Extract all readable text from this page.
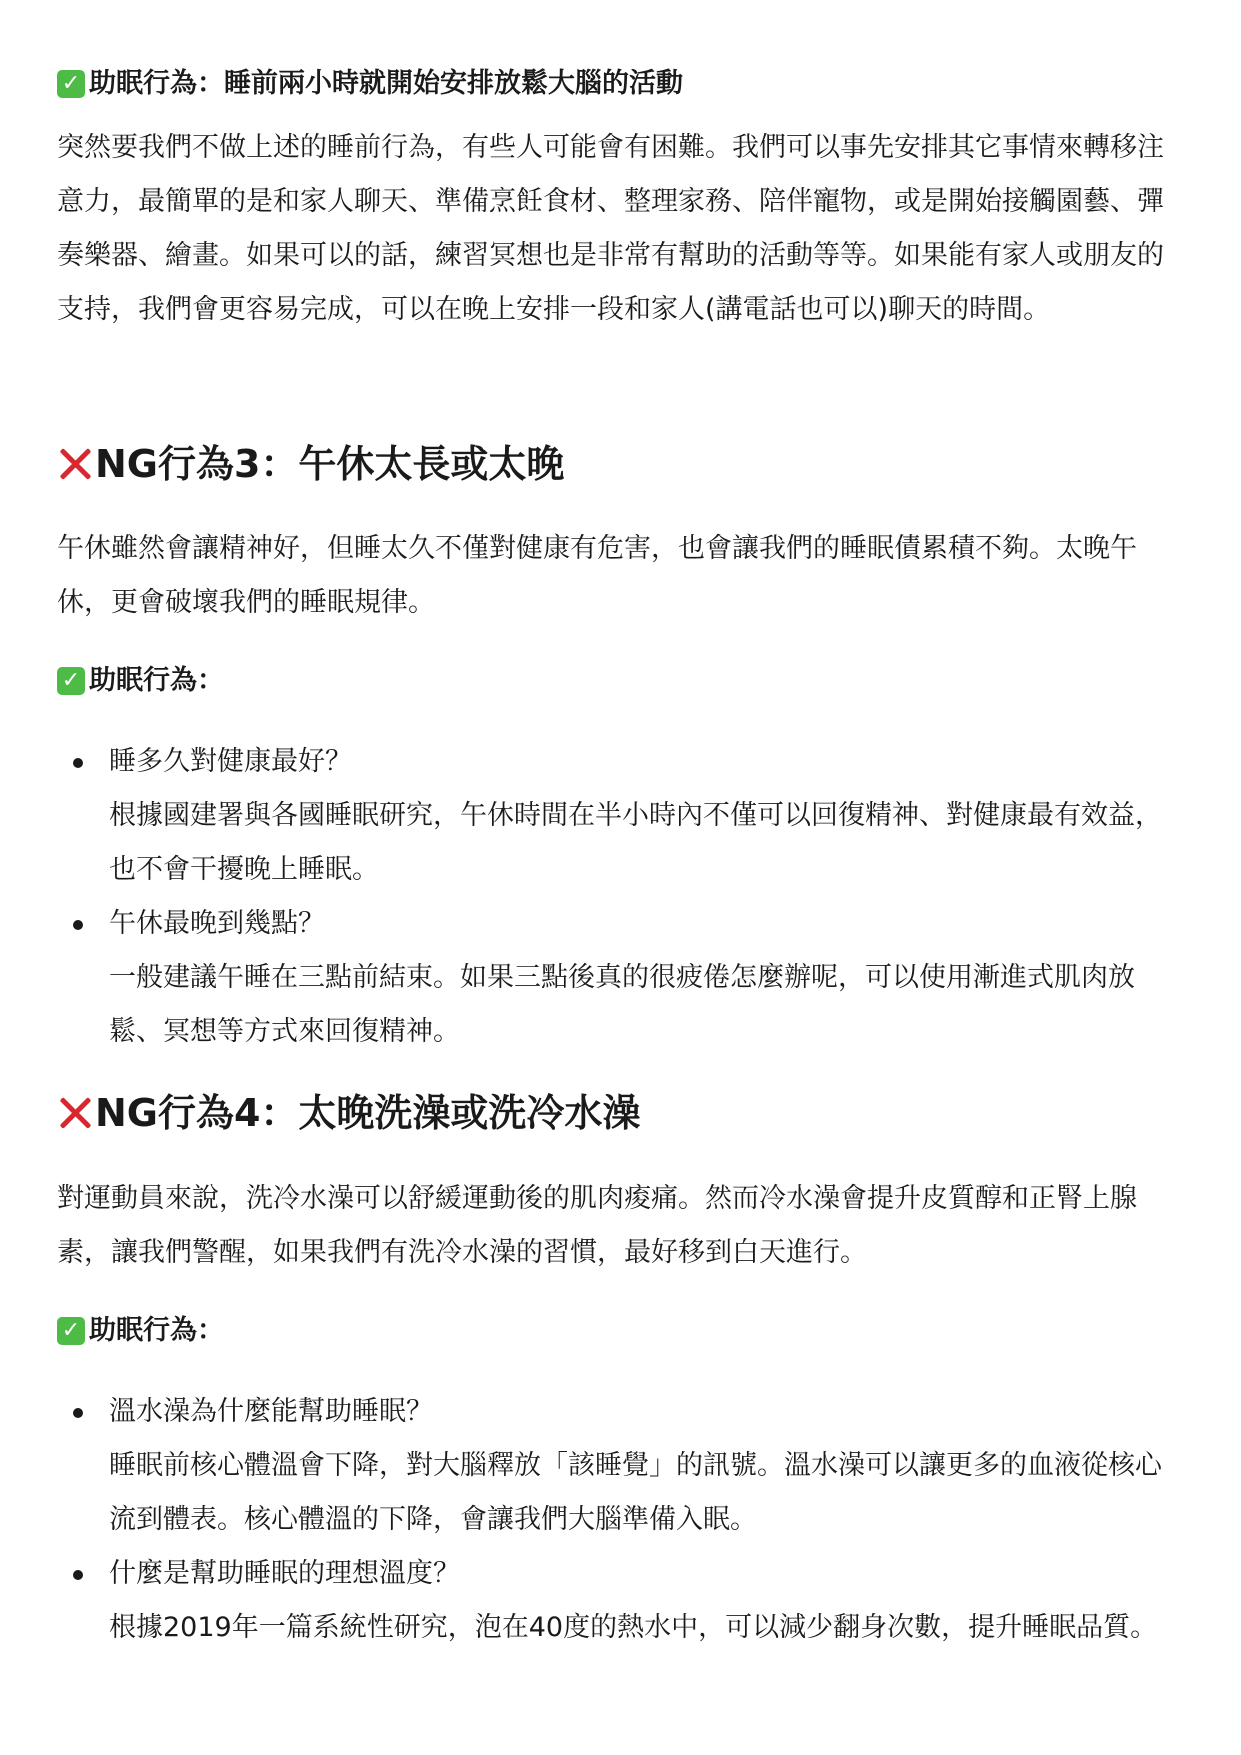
✓ 助眠行為：睡前兩小時就開始安排放鬆大腦的活動
突然要我們不做上述的睡前行為，有些人可能會有困難。我們可以事先安排其它事情來轉移注意力，最簡單的是和家人聊天、準備烹飪食材、整理家務、陪伴寵物，或是開始接觸園藝、彈奏樂器、繪畫。如果可以的話，練習冥想也是非常有幫助的活動等等。如果能有家人或朋友的支持，我們會更容易完成，可以在晚上安排一段和家人(講電話也可以)聊天的時間。
NG行為3：午休太長或太晚
午休雖然會讓精神好，但睡太久不僅對健康有危害，也會讓我們的睡眠債累積不夠。太晚午休，更會破壞我們的睡眠規律。
✓ 助眠行為：
睡多久對健康最好？
根據國建署與各國睡眠研究，午休時間在半小時內不僅可以回復精神、對健康最有效益，也不會干擾晚上睡眠。
午休最晚到幾點？
一般建議午睡在三點前結束。如果三點後真的很疲倦怎麼辦呢，可以使用漸進式肌肉放鬆、冥想等方式來回復精神。
NG行為4：太晚洗澡或洗冷水澡
對運動員來說，洗冷水澡可以舒緩運動後的肌肉痠痛。然而冷水澡會提升皮質醇和正腎上腺素，讓我們警醒，如果我們有洗冷水澡的習慣，最好移到白天進行。
✓ 助眠行為：
溫水澡為什麼能幫助睡眠？
睡眠前核心體溫會下降，對大腦釋放「該睡覺」的訊號。溫水澡可以讓更多的血液從核心流到體表。核心體溫的下降，會讓我們大腦準備入眠。
什麼是幫助睡眠的理想溫度？
根據2019年一篇系統性研究，泡在40度的熱水中，可以減少翻身次數，提升睡眠品質。
